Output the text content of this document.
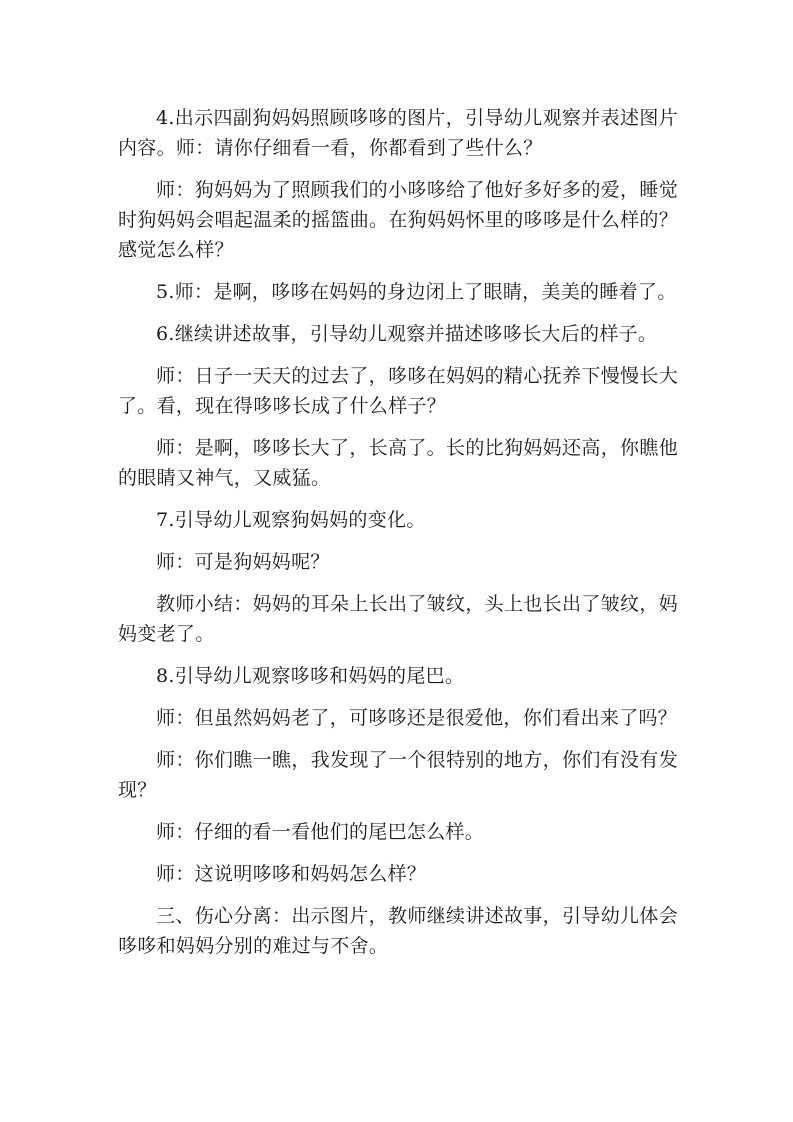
4.出示四副狗妈妈照顾哆哆的图片，引导幼儿观察并表述图片内容。师：请你仔细看一看，你都看到了些什么？

师：狗妈妈为了照顾我们的小哆哆给了他好多好多的爱，睡觉时狗妈妈会唱起温柔的摇篮曲。在狗妈妈怀里的哆哆是什么样的？感觉怎么样？

5.师：是啊，哆哆在妈妈的身边闭上了眼睛，美美的睡着了。

6.继续讲述故事，引导幼儿观察并描述哆哆长大后的样子。

师：日子一天天的过去了，哆哆在妈妈的精心抚养下慢慢长大了。看，现在得哆哆长成了什么样子？

师：是啊，哆哆长大了，长高了。长的比狗妈妈还高，你瞧他的眼睛又神气，又威猛。

7.引导幼儿观察狗妈妈的变化。

师：可是狗妈妈呢？

教师小结：妈妈的耳朵上长出了皱纹，头上也长出了皱纹，妈妈变老了。

8.引导幼儿观察哆哆和妈妈的尾巴。

师：但虽然妈妈老了，可哆哆还是很爱他，你们看出来了吗？

师：你们瞧一瞧，我发现了一个很特别的地方，你们有没有发现？

师：仔细的看一看他们的尾巴怎么样。

师：这说明哆哆和妈妈怎么样？

三、伤心分离：出示图片，教师继续讲述故事，引导幼儿体会哆哆和妈妈分别的难过与不舍。
